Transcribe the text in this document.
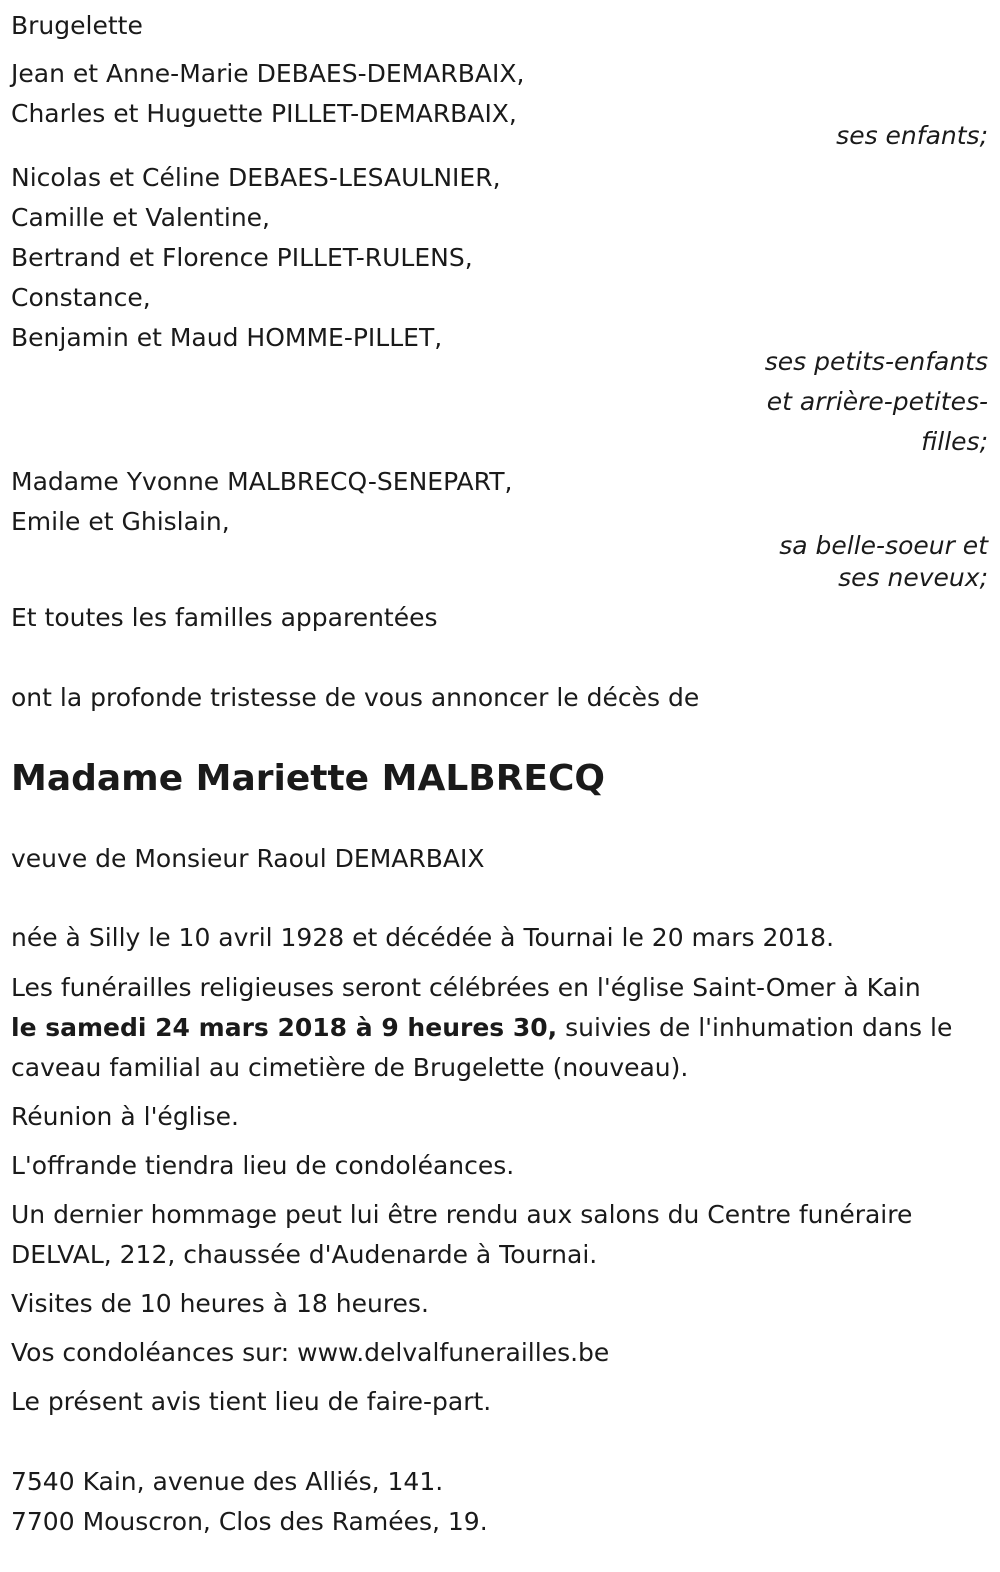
Brugelette
Jean et Anne-Marie DEBAES-DEMARBAIX,
Charles et Huguette PILLET-DEMARBAIX,
ses enfants;
Nicolas et Céline DEBAES-LESAULNIER,
Camille et Valentine,
Bertrand et Florence PILLET-RULENS,
Constance,
Benjamin et Maud HOMME-PILLET,
ses petits-enfants
et arrière-petites-
filles;
Madame Yvonne MALBRECQ-SENEPART,
Emile et Ghislain,
sa belle-soeur et
ses neveux;
Et toutes les familles apparentées
ont la profonde tristesse de vous annoncer le décès de
Madame Mariette MALBRECQ
veuve de Monsieur Raoul DEMARBAIX
née à Silly le 10 avril 1928 et décédée à Tournai le 20 mars 2018.
Les funérailles religieuses seront célébrées en l'église Saint-Omer à Kain
le samedi 24 mars 2018 à 9 heures 30, suivies de l'inhumation dans le
caveau familial au cimetière de Brugelette (nouveau).
Réunion à l'église.
L'offrande tiendra lieu de condoléances.
Un dernier hommage peut lui être rendu aux salons du Centre funéraire
DELVAL, 212, chaussée d'Audenarde à Tournai.
Visites de 10 heures à 18 heures.
Vos condoléances sur: www.delvalfunerailles.be
Le présent avis tient lieu de faire-part.
7540 Kain, avenue des Alliés, 141.
7700 Mouscron, Clos des Ramées, 19.
